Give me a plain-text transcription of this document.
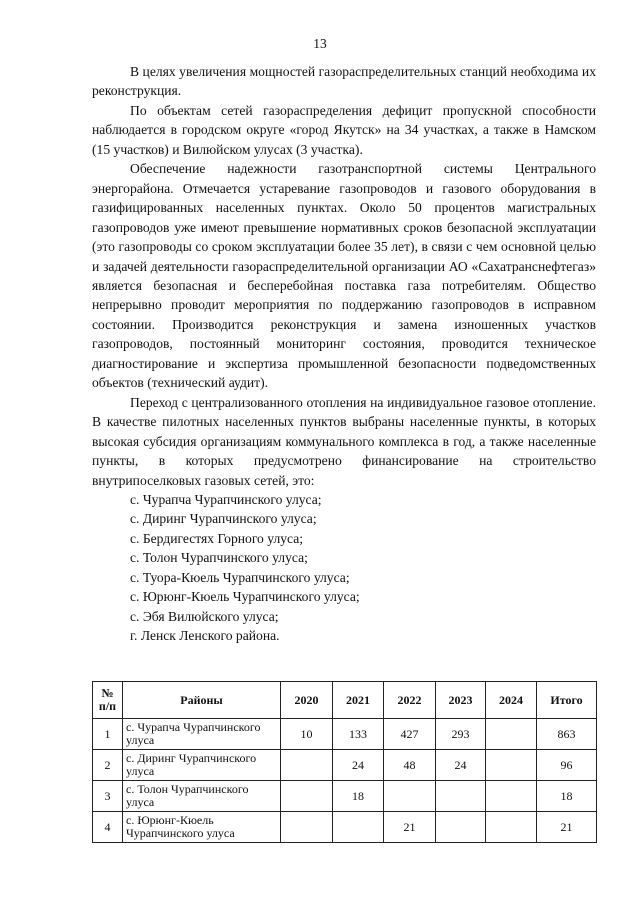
13

В целях увеличения мощностей газораспределительных станций необходима их реконструкция.

По объектам сетей газораспределения дефицит пропускной способности наблюдается в городском округе «город Якутск» на 34 участках, а также в Намском (15 участков) и Вилюйском улусах (3 участка).

Обеспечение надежности газотранспортной системы Центрального энергорайона. Отмечается устаревание газопроводов и газового оборудования в газифицированных населенных пунктах. Около 50 процентов магистральных газопроводов уже имеют превышение нормативных сроков безопасной эксплуатации (это газопроводы со сроком эксплуатации более 35 лет), в связи с чем основной целью и задачей деятельности газораспределительной организации АО «Сахатранснефтегаз» является безопасная и бесперебойная поставка газа потребителям. Общество непрерывно проводит мероприятия по поддержанию газопроводов в исправном состоянии. Производится реконструкция и замена изношенных участков газопроводов, постоянный мониторинг состояния, проводится техническое диагностирование и экспертиза промышленной безопасности подведомственных объектов (технический аудит).

Переход с централизованного отопления на индивидуальное газовое отопление. В качестве пилотных населенных пунктов выбраны населенные пункты, в которых высокая субсидия организациям коммунального комплекса в год, а также населенные пункты, в которых предусмотрено финансирование на строительство внутрипоселковых газовых сетей, это:

с. Чурапча Чурапчинского улуса;
с. Диринг Чурапчинского улуса;
с. Бердигестях Горного улуса;
с. Толон Чурапчинского улуса;
с. Туора-Кюель Чурапчинского улуса;
с. Юрюнг-Кюель Чурапчинского улуса;
с. Эбя Вилюйского улуса;
г. Ленск Ленского района.
№ п/п	Районы	2020	2021	2022	2023	2024	Итого
1	с. Чурапча Чурапчинского улуса	10	133	427	293		863
2	с. Диринг Чурапчинского улуса		24	48	24		96
3	с. Толон Чурапчинского улуса		18				18
4	с. Юрюнг-Кюель Чурапчинского улуса			21			21
